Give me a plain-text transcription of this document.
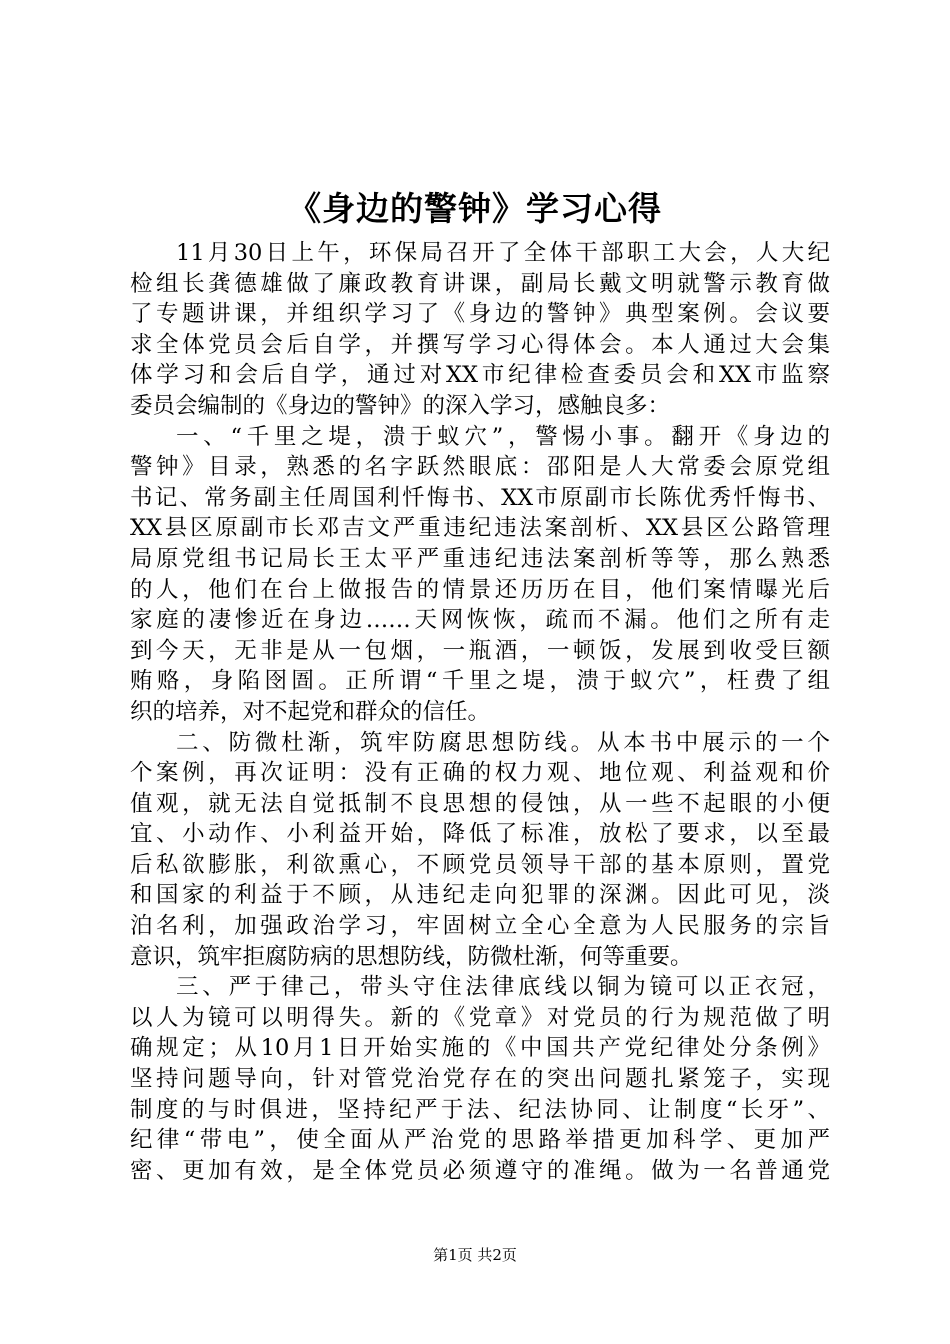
《身边的警钟》学习心得
11月30日上午，环保局召开了全体干部职工大会，人大纪
检组长龚德雄做了廉政教育讲课，副局长戴文明就警示教育做
了专题讲课，并组织学习了《身边的警钟》典型案例。会议要
求全体党员会后自学，并撰写学习心得体会。本人通过大会集
体学习和会后自学，通过对XX市纪律检查委员会和XX市监察
委员会编制的《身边的警钟》的深入学习，感触良多：
一、“千里之堤，溃于蚁穴”，警惕小事。翻开《身边的
警钟》目录，熟悉的名字跃然眼底：邵阳是人大常委会原党组
书记、常务副主任周国利忏悔书、XX市原副市长陈优秀忏悔书、
XX县区原副市长邓吉文严重违纪违法案剖析、XX县区公路管理
局原党组书记局长王太平严重违纪违法案剖析等等，那么熟悉
的人，他们在台上做报告的情景还历历在目，他们案情曝光后
家庭的凄惨近在身边……天网恢恢，疏而不漏。他们之所有走
到今天，无非是从一包烟，一瓶酒，一顿饭，发展到收受巨额
贿赂，身陷囹圄。正所谓“千里之堤，溃于蚁穴”，枉费了组
织的培养，对不起党和群众的信任。
二、防微杜渐，筑牢防腐思想防线。从本书中展示的一个
个案例，再次证明：没有正确的权力观、地位观、利益观和价
值观，就无法自觉抵制不良思想的侵蚀，从一些不起眼的小便
宜、小动作、小利益开始，降低了标准，放松了要求，以至最
后私欲膨胀，利欲熏心，不顾党员领导干部的基本原则，置党
和国家的利益于不顾，从违纪走向犯罪的深渊。因此可见，淡
泊名利，加强政治学习，牢固树立全心全意为人民服务的宗旨
意识，筑牢拒腐防病的思想防线，防微杜渐，何等重要。
三、严于律己，带头守住法律底线以铜为镜可以正衣冠，
以人为镜可以明得失。新的《党章》对党员的行为规范做了明
确规定；从10月1日开始实施的《中国共产党纪律处分条例》
坚持问题导向，针对管党治党存在的突出问题扎紧笼子，实现
制度的与时俱进，坚持纪严于法、纪法协同、让制度“长牙”、
纪律“带电”，使全面从严治党的思路举措更加科学、更加严
密、更加有效，是全体党员必须遵守的准绳。做为一名普通党
第1页 共2页
